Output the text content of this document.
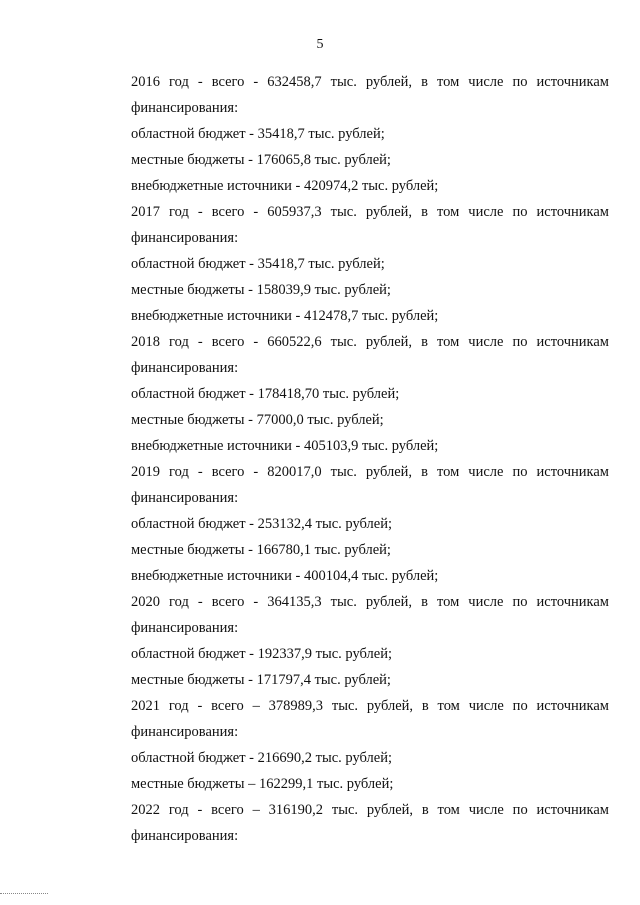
5
2016 год - всего - 632458,7 тыс. рублей, в том числе по источникам
финансирования:
областной бюджет - 35418,7 тыс. рублей;
местные бюджеты - 176065,8 тыс. рублей;
внебюджетные источники - 420974,2 тыс. рублей;
2017 год - всего - 605937,3 тыс. рублей, в том числе по источникам
финансирования:
областной бюджет - 35418,7 тыс. рублей;
местные бюджеты - 158039,9 тыс. рублей;
внебюджетные источники - 412478,7 тыс. рублей;
2018 год - всего - 660522,6 тыс. рублей, в том числе по источникам
финансирования:
областной бюджет - 178418,70 тыс. рублей;
местные бюджеты - 77000,0 тыс. рублей;
внебюджетные источники - 405103,9 тыс. рублей;
2019 год - всего - 820017,0 тыс. рублей, в том числе по источникам
финансирования:
областной бюджет - 253132,4 тыс. рублей;
местные бюджеты - 166780,1 тыс. рублей;
внебюджетные источники - 400104,4 тыс. рублей;
2020 год - всего - 364135,3 тыс. рублей, в том числе по источникам
финансирования:
областной бюджет - 192337,9 тыс. рублей;
местные бюджеты - 171797,4 тыс. рублей;
2021 год - всего – 378989,3 тыс. рублей, в том числе по источникам
финансирования:
областной бюджет - 216690,2 тыс. рублей;
местные бюджеты – 162299,1 тыс. рублей;
2022 год - всего – 316190,2 тыс. рублей, в том числе по источникам
финансирования:
